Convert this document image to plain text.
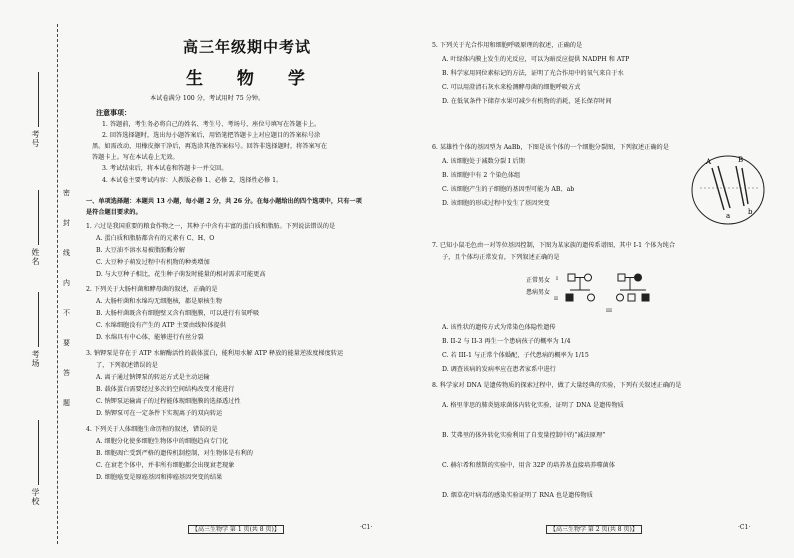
考号
姓名
考场
学校
密
封
线
内
不
要
答
题
高三年级期中考试
生 物 学
本试卷满分 100 分，考试用时 75 分钟。
注意事项：
1. 答题前，考生务必将自己的姓名、考生号、考场号、座位号填写在答题卡上。
2. 回答选择题时，选出每小题答案后，用铅笔把答题卡上对应题目的答案标号涂
黑。如需改动，用橡皮擦干净后，再选涂其他答案标号。回答非选择题时，将答案写在
答题卡上。写在本试卷上无效。
3. 考试结束后，将本试卷和答题卡一并交回。
4. 本试卷主要考试内容：人教版必修 1、必修 2，选择性必修 1。
一、单项选择题：本题共 13 小题，每小题 2 分，共 26 分。在每小题给出的四个选项中，只有一项
是符合题目要求的。
1. 六过是我国重要的粮食作物之一，其种子中含有丰富的蛋白质和脂肪。下列说法错误的是
A. 蛋白质和脂肪都含有的元素有 C、H、O
B. 大豆油不溶水易被脂肪酶分解
C. 大豆种子萌发过程中有机物的种类增加
D. 与大豆种子相比，花生种子萌发时能量的相对需求可能更高
2. 下列关于大肠杆菌和酵母菌的叙述，正确的是
A. 大肠杆菌和水绵均无细胞核，都是原核生物
B. 大肠杆菌既含有细胞壁又含有细胞膜，可以进行有氧呼吸
C. 水绵细胞没有产生的 ATP 主要由线粒体提供
D. 水绵具有中心体，能够进行有丝分裂
3. 钠钾泵是存在于 ATP 水解酶活性的载体蛋白，能利用水解 ATP 释放的能量逆浓度梯度转运
了，下列叙述错误的是
A. 离子通过钠钾泵的转运方式是主动运输
B. 载体蛋白需要经过多次的空间结构改变才能进行
C. 钠钾泵运输离子的过程能体现细胞膜的选择透过性
D. 钠钾泵可在一定条件下实现离子的双向转运
4. 下列关于人体细胞生命历程的叙述，错误的是
A. 细胞分化使多细胞生物体中的细胞趋向专门化
B. 细胞凋亡受到严格的遗传机制控制，对生物体是有利的
C. 在衰老个体中，并非所有细胞都会出现衰老现象
D. 细胞癌变是原癌基因和抑癌基因突变的结果
5. 下列关于光合作用和细胞呼吸原理的叙述，正确的是
A. 叶绿体内膜上发生的光反应，可以为暗反应提供 NADPH 和 ATP
B. 科学家用同位素标记的方法，证明了光合作用中的氧气来自于水
C. 可以用澄清石灰水来检测酵母菌的细胞呼吸方式
D. 在低氧条件下储存水果可减少有机物的消耗，延长保存时间
6. 某雄性个体的基因型为 AaBb，下图是该个体的一个细胞分裂图，下列叙述正确的是
A. 该细胞处于减数分裂 I 后期
B. 该细胞中有 2 个染色体组
C. 该细胞产生的子细胞的基因型可能为 AB、ab
D. 该细胞的形成过程中发生了基因突变
A
a
B
b
7. 已知小鼠毛色由一对等位基因控制，下图为某家族的遗传系谱图，其中 I-1 个体为纯合
子，且个体均正常发育，下列叙述正确的是
正常男女
患病男女
I
II
III
A. 该性状的遗传方式为常染色体隐性遗传
B. II-2 与 II-3 再生一个患病孩子的概率为 1/4
C. 若 III-1 与正常个体婚配，子代患病的概率为 1/15
D. 调查该病的发病率应在患者家系中进行
8. 科学家对 DNA 是遗传物质的探索过程中，做了大量经典的实验，下列有关叙述正确的是
A. 格里菲思的肺炎链球菌体内转化实验，证明了 DNA 是遗传物质
B. 艾弗里的体外转化实验利用了自变量控制中的“减法原理”
C. 赫尔希和蔡斯的实验中，用含 32P 的培养基直接培养噬菌体
D. 烟草花叶病毒的感染实验证明了 RNA 也是遗传物质
【高三生物学 第 1 页(共 8 页)】	·C1·	【高三生物学 第 2 页(共 8 页)】	·C1·
